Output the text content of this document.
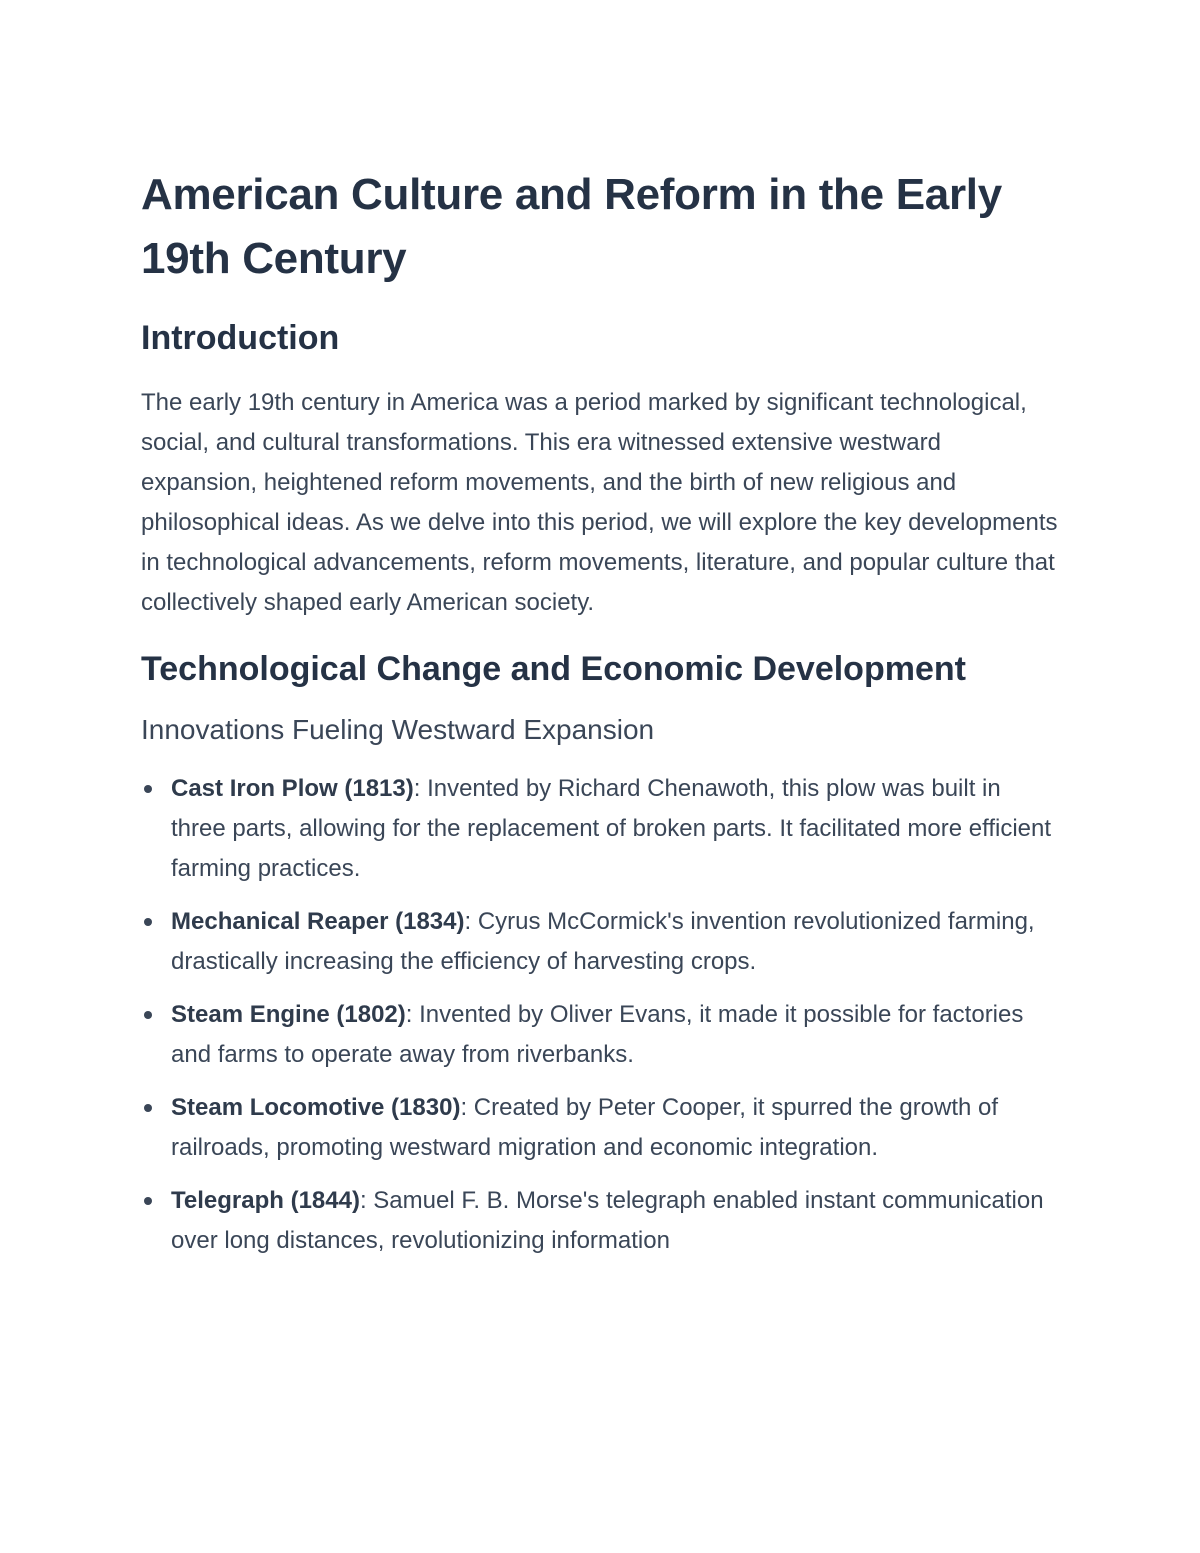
American Culture and Reform in the Early 19th Century
Introduction

The early 19th century in America was a period marked by significant technological, social, and cultural transformations. This era witnessed extensive westward expansion, heightened reform movements, and the birth of new religious and philosophical ideas. As we delve into this period, we will explore the key developments in technological advancements, reform movements, literature, and popular culture that collectively shaped early American society.

Technological Change and Economic Development
Innovations Fueling Westward Expansion
Cast Iron Plow (1813): Invented by Richard Chenawoth, this plow was built in three parts, allowing for the replacement of broken parts. It facilitated more efficient farming practices.
Mechanical Reaper (1834): Cyrus McCormick's invention revolutionized farming, drastically increasing the efficiency of harvesting crops.
Steam Engine (1802): Invented by Oliver Evans, it made it possible for factories and farms to operate away from riverbanks.
Steam Locomotive (1830): Created by Peter Cooper, it spurred the growth of railroads, promoting westward migration and economic integration.
Telegraph (1844): Samuel F. B. Morse's telegraph enabled instant communication over long distances, revolutionizing information
